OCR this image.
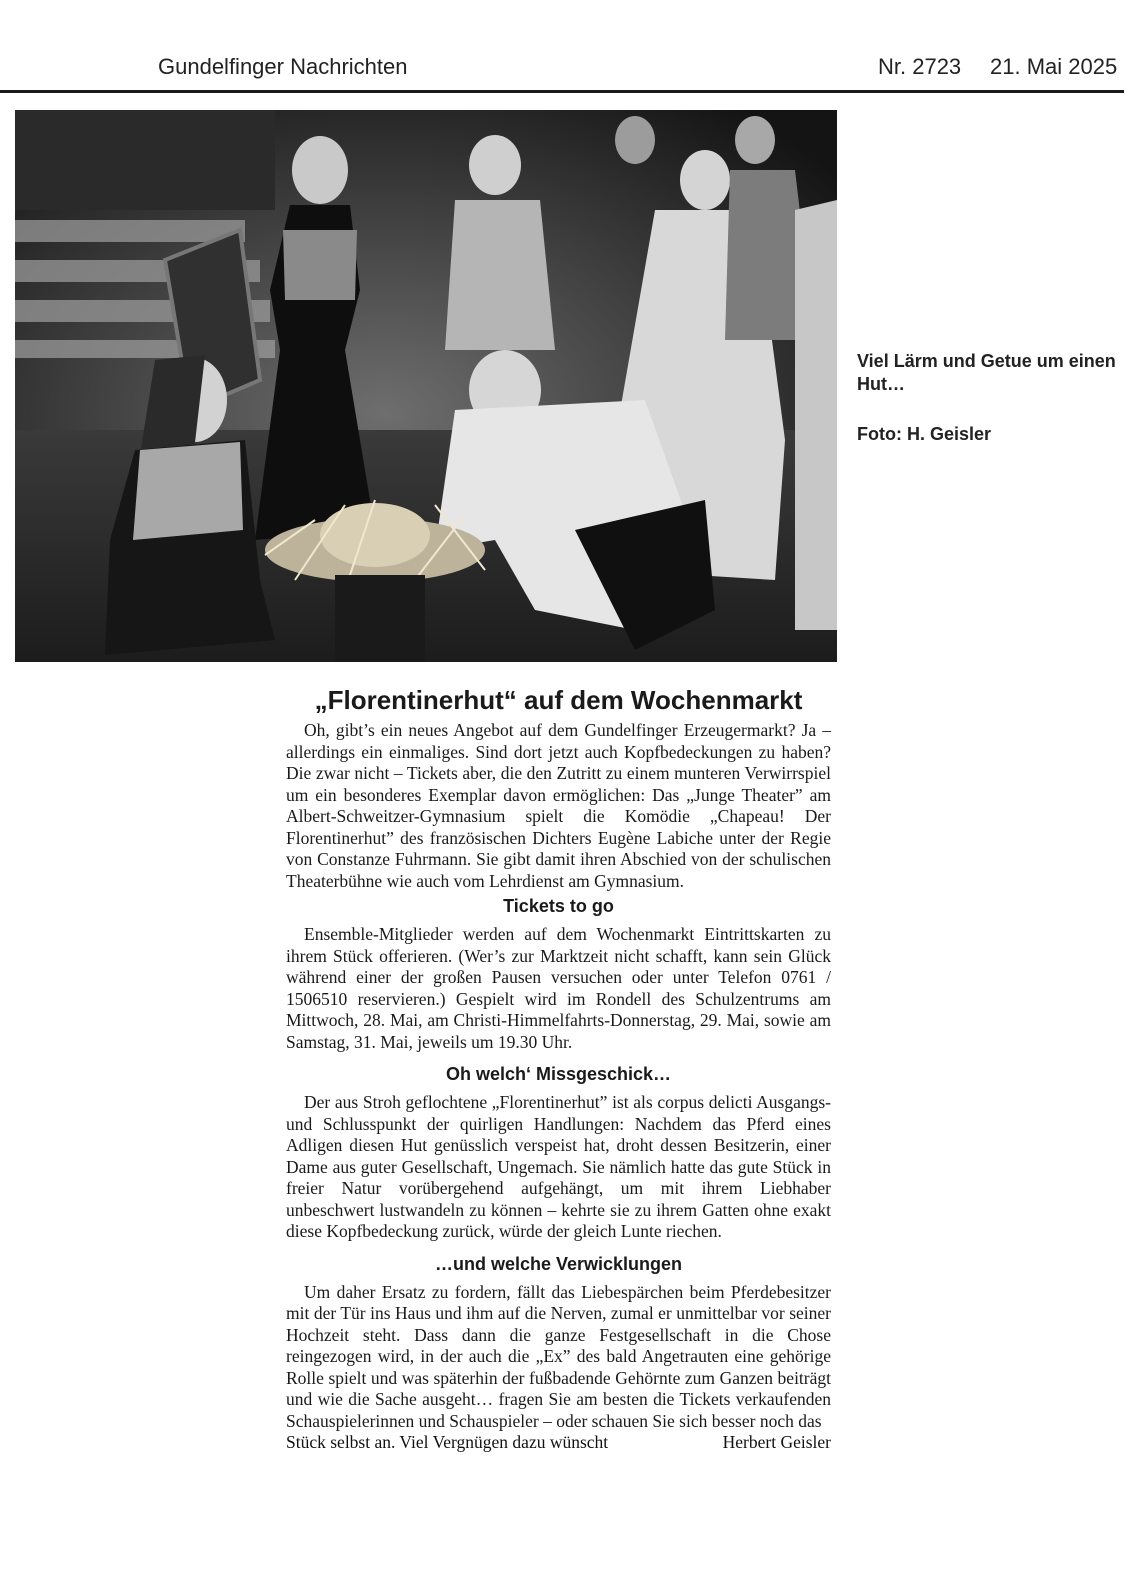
Gundelfinger Nachrichten	Nr. 2723 21. Mai 2025
Viel Lärm und Getue um einen Hut…
Foto: H. Geisler
„Florentinerhut“ auf dem Wochenmarkt

Oh, gibt’s ein neues Angebot auf dem Gundelfinger Erzeugermarkt? Ja – allerdings ein einmaliges. Sind dort jetzt auch Kopfbedeckungen zu haben? Die zwar nicht – Tickets aber, die den Zutritt zu einem munteren Verwirrspiel um ein besonderes Exemplar davon ermöglichen: Das „Junge Theater” am Albert-Schweitzer-Gymnasium spielt die Komödie „Chapeau! Der Florentinerhut” des französischen Dichters Eugène Labiche unter der Regie von Constanze Fuhrmann. Sie gibt damit ihren Abschied von der schulischen Theaterbühne wie auch vom Lehrdienst am Gymnasium.

Tickets to go

Ensemble-Mitglieder werden auf dem Wochenmarkt Eintrittskarten zu ihrem Stück offerieren. (Wer’s zur Marktzeit nicht schafft, kann sein Glück während einer der großen Pausen versuchen oder unter Telefon 0761 / 1506510 reservieren.) Gespielt wird im Rondell des Schulzentrums am Mittwoch, 28. Mai, am Christi-Himmelfahrts-Donnerstag, 29. Mai, sowie am Samstag, 31. Mai, jeweils um 19.30 Uhr.

Oh welch‘ Missgeschick…

Der aus Stroh geflochtene „Florentinerhut” ist als corpus delicti Ausgangs- und Schlusspunkt der quirligen Handlungen: Nachdem das Pferd eines Adligen diesen Hut genüsslich verspeist hat, droht dessen Besitzerin, einer Dame aus guter Gesellschaft, Ungemach. Sie nämlich hatte das gute Stück in freier Natur vorübergehend aufgehängt, um mit ihrem Liebhaber unbeschwert lustwandeln zu können – kehrte sie zu ihrem Gatten ohne exakt diese Kopfbedeckung zurück, würde der gleich Lunte riechen.

…und welche Verwicklungen

Um daher Ersatz zu fordern, fällt das Liebespärchen beim Pferdebesitzer mit der Tür ins Haus und ihm auf die Nerven, zumal er unmittelbar vor seiner Hochzeit steht. Dass dann die ganze Festgesellschaft in die Chose reingezogen wird, in der auch die „Ex” des bald Angetrauten eine gehörige Rolle spielt und was späterhin der fußbadende Gehörnte zum Ganzen beiträgt und wie die Sache ausgeht… fragen Sie am besten die Tickets verkaufenden Schauspielerinnen und Schauspieler – oder schauen Sie sich besser noch das

Stück selbst an. Viel Vergnügen dazu wünscht	Herbert Geisler
